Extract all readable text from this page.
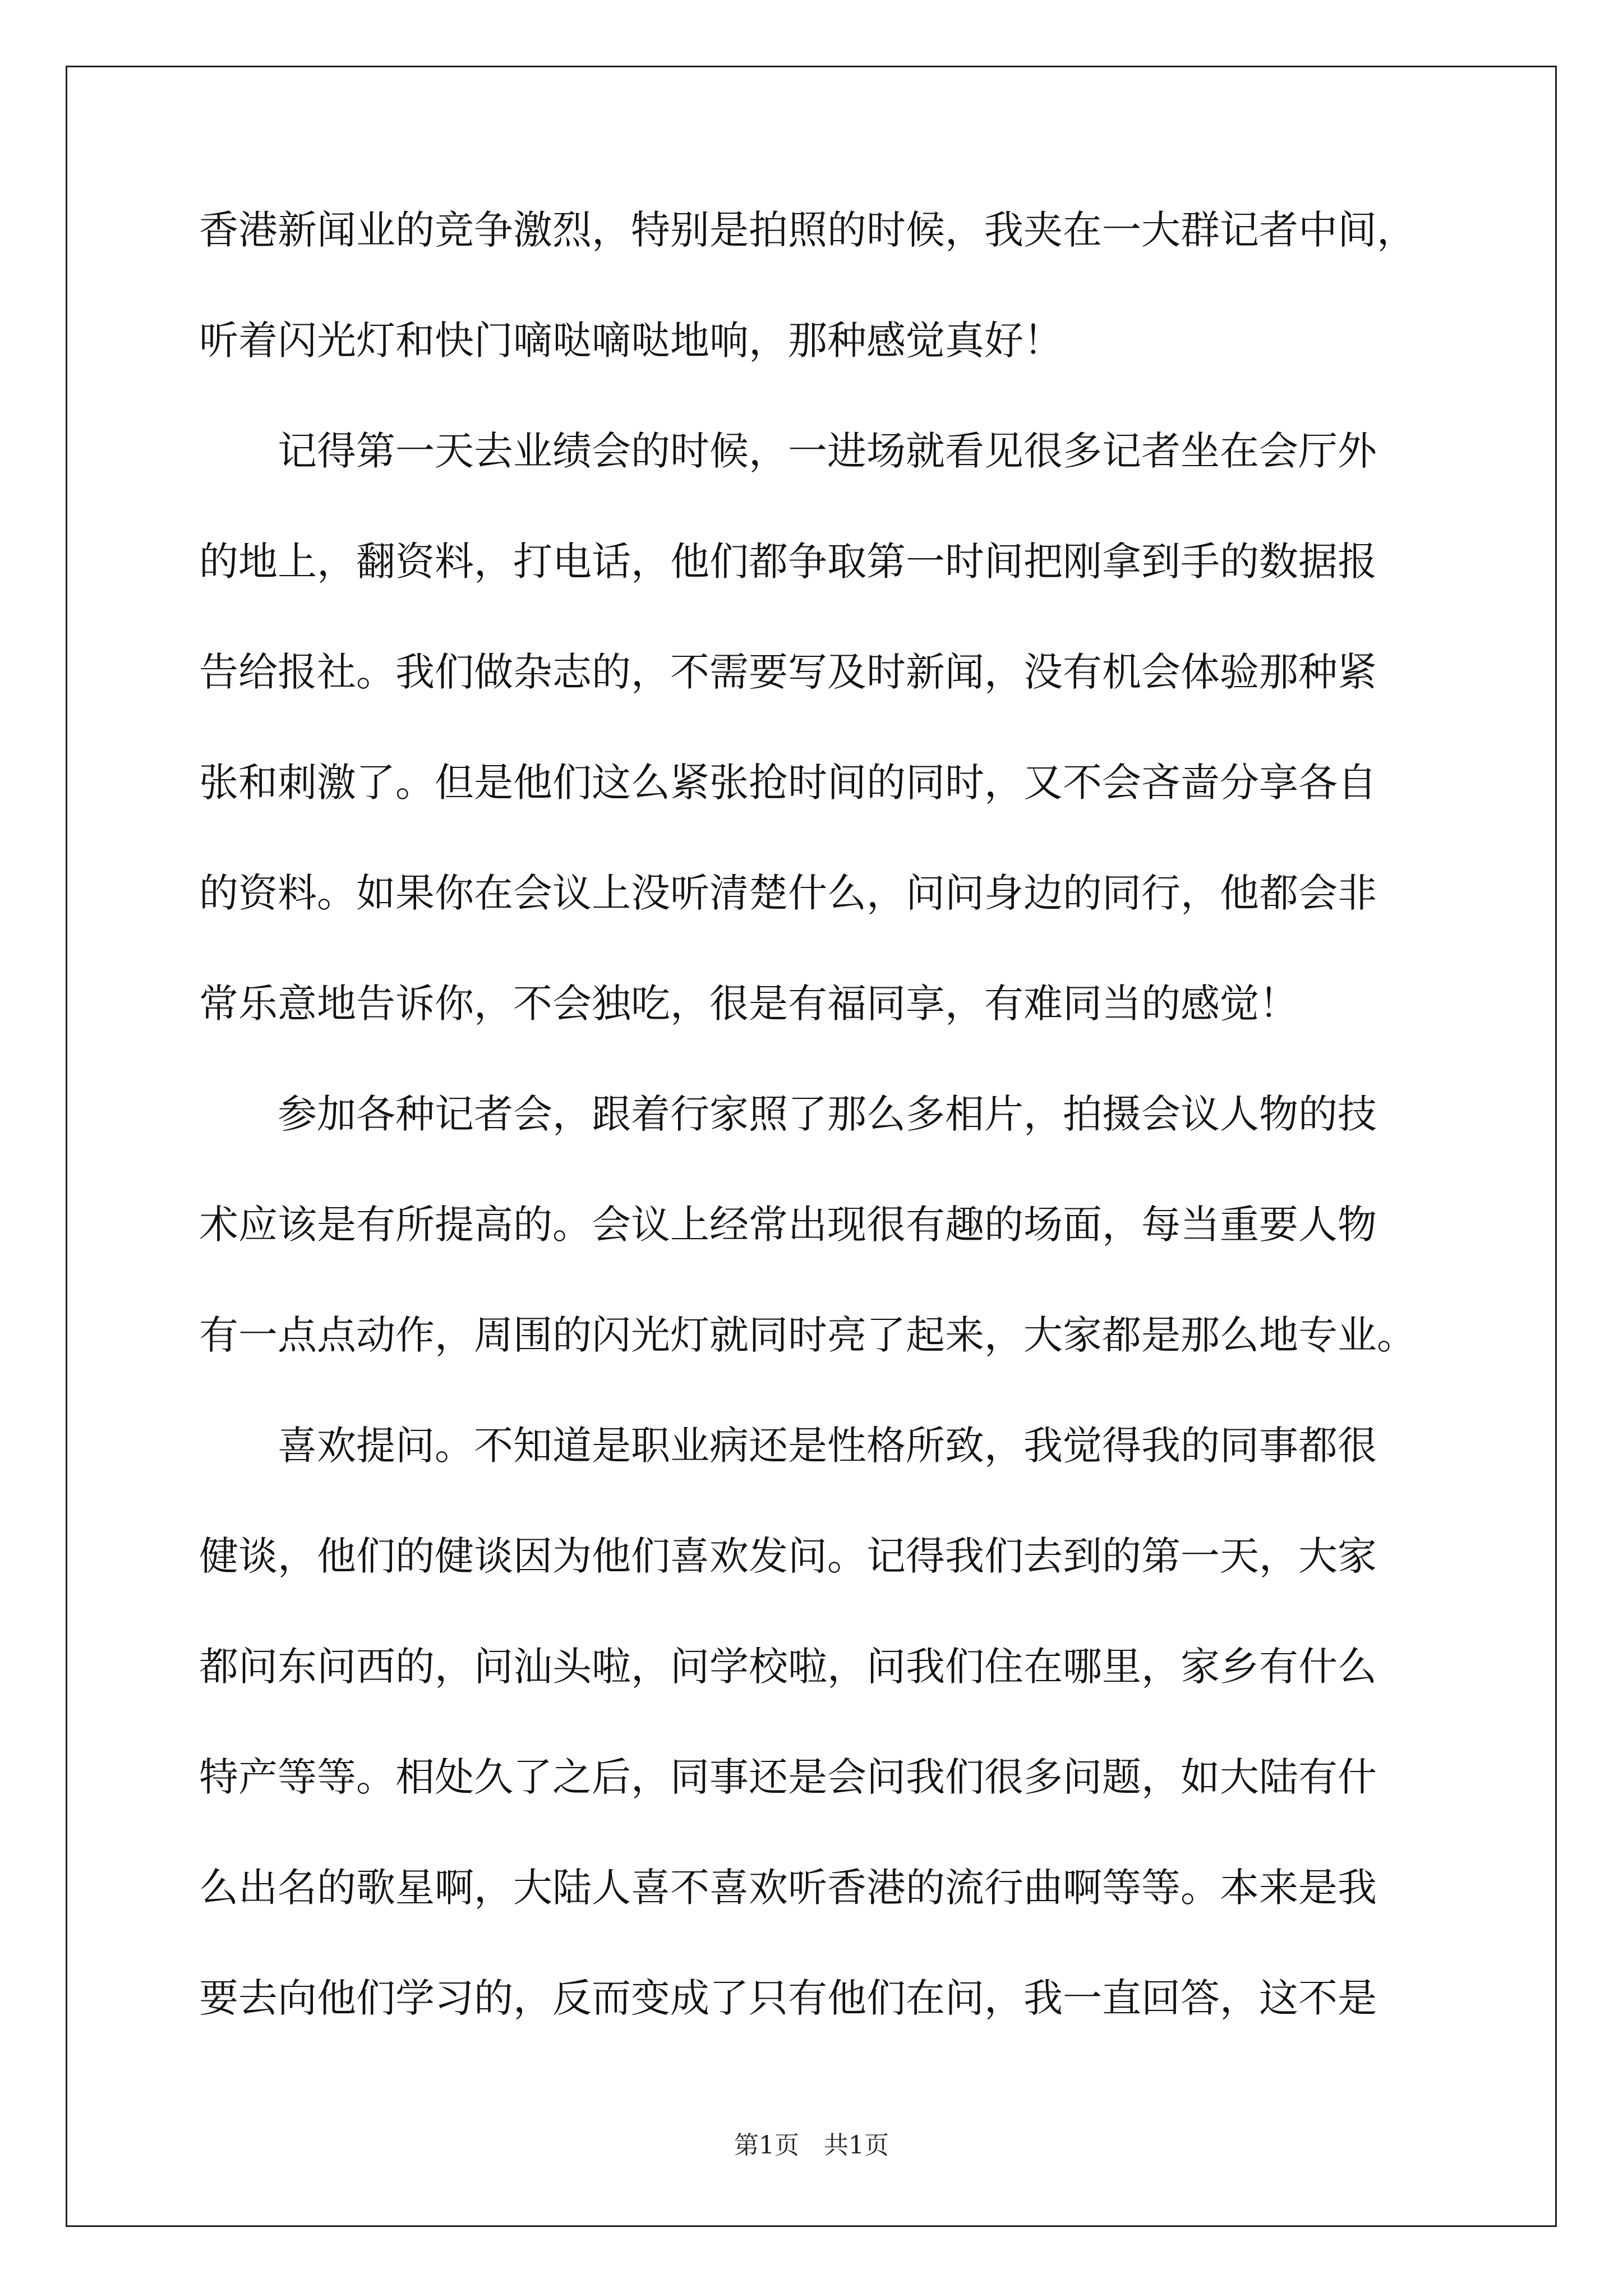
香港新闻业的竞争激烈，特别是拍照的时候，我夹在一大群记者中间，
听着闪光灯和快门嘀哒嘀哒地响，那种感觉真好！
　　记得第一天去业绩会的时候，一进场就看见很多记者坐在会厅外
的地上，翻资料，打电话，他们都争取第一时间把刚拿到手的数据报
告给报社。我们做杂志的，不需要写及时新闻，没有机会体验那种紧
张和刺激了。但是他们这么紧张抢时间的同时，又不会吝啬分享各自
的资料。如果你在会议上没听清楚什么，问问身边的同行，他都会非
常乐意地告诉你，不会独吃，很是有福同享，有难同当的感觉！
　　参加各种记者会，跟着行家照了那么多相片，拍摄会议人物的技
术应该是有所提高的。会议上经常出现很有趣的场面，每当重要人物
有一点点动作，周围的闪光灯就同时亮了起来，大家都是那么地专业。
　　喜欢提问。不知道是职业病还是性格所致，我觉得我的同事都很
健谈，他们的健谈因为他们喜欢发问。记得我们去到的第一天，大家
都问东问西的，问汕头啦，问学校啦，问我们住在哪里，家乡有什么
特产等等。相处久了之后，同事还是会问我们很多问题，如大陆有什
么出名的歌星啊，大陆人喜不喜欢听香港的流行曲啊等等。本来是我
要去向他们学习的，反而变成了只有他们在问，我一直回答，这不是
第1页　共1页
